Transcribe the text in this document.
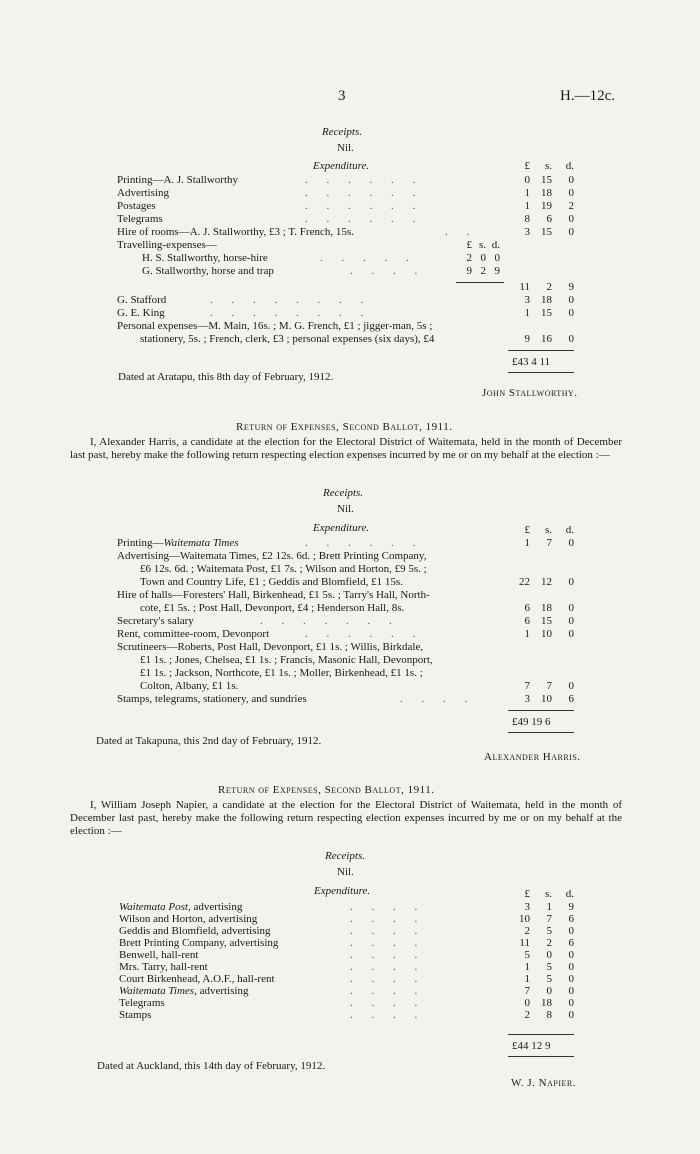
3	H.—12c.
Receipts.
Nil.
Expenditure.	£	s.	d.
Printing—A. J. Stallworthy	. . . . . .	0	15	0
Advertising	. . . . . .	1	18	0
Postages	. . . . . .	1	19	2
Telegrams	. . . . . .	8	6	0
Hire of rooms—A. J. Stallworthy, £3 ; T. French, 15s.	. .	3	15	0
Travelling-expenses—	£ s. d.
H. S. Stallworthy, horse-hire	. . . . .	2 0 0
G. Stallworthy, horse and trap	. . . .	9 2 9
11	2	9
G. Stafford	. . . . . . . .	3	18	0
G. E. King	. . . . . . . .	1	15	0
Personal expenses—M. Main, 16s. ; M. G. French, £1 ; jigger-man, 5s ;
stationery, 5s. ; French, clerk, £3 ; personal expenses (six days), £4	9	16	0
£43 4 11
Dated at Aratapu, this 8th day of February, 1912.
John Stallworthy.
Return of Expenses, Second Ballot, 1911.
I, Alexander Harris, a candidate at the election for the Electoral District of Waitemata, held in the month of December last past, hereby make the following return respecting election expenses incurred by me or on my behalf at the election :—
Receipts.
Nil.
Expenditure.	£	s.	d.
Printing—Waitemata Times	. . . . . .	1	7	0
Advertising—Waitemata Times, £2 12s. 6d. ; Brett Printing Company,
£6 12s. 6d. ; Waitemata Post, £1 7s. ; Wilson and Horton, £9 5s. ;
Town and Country Life, £1 ; Geddis and Blomfield, £1 15s.	22	12	0
Hire of halls—Foresters' Hall, Birkenhead, £1 5s. ; Tarry's Hall, North-
cote, £1 5s. ; Post Hall, Devonport, £4 ; Henderson Hall, 8s.	6	18	0
Secretary's salary	. . . . . . .	6	15	0
Rent, committee-room, Devonport	. . . . . .	1	10	0
Scrutineers—Roberts, Post Hall, Devonport, £1 1s. ; Willis, Birkdale,
£1 1s. ; Jones, Chelsea, £1 1s. ; Francis, Masonic Hall, Devonport,
£1 1s. ; Jackson, Northcote, £1 1s. ; Moller, Birkenhead, £1 1s. ;
Colton, Albany, £1 1s.	7	7	0
Stamps, telegrams, stationery, and sundries	. . . .	3	10	6
£49 19 6
Dated at Takapuna, this 2nd day of February, 1912.
Alexander Harris.
Return of Expenses, Second Ballot, 1911.
I, William Joseph Napier, a candidate at the election for the Electoral District of Waitemata, held in the month of December last past, hereby make the following return respecting election expenses incurred by me or on my behalf at the election :—
Receipts.
Nil.
Expenditure.	£	s.	d.
Waitemata Post, advertising	. . . .	3	1	9
Wilson and Horton, advertising	. . . .	10	7	6
Geddis and Blomfield, advertising	. . . .	2	5	0
Brett Printing Company, advertising	. . . .	11	2	6
Benwell, hall-rent	. . . .	5	0	0
Mrs. Tarry, hall-rent	. . . .	1	5	0
Court Birkenhead, A.O.F., hall-rent	. . . .	1	5	0
Waitemata Times, advertising	. . . .	7	0	0
Telegrams	. . . .	0	18	0
Stamps	. . . .	2	8	0
£44 12 9
Dated at Auckland, this 14th day of February, 1912.
W. J. Napier.
